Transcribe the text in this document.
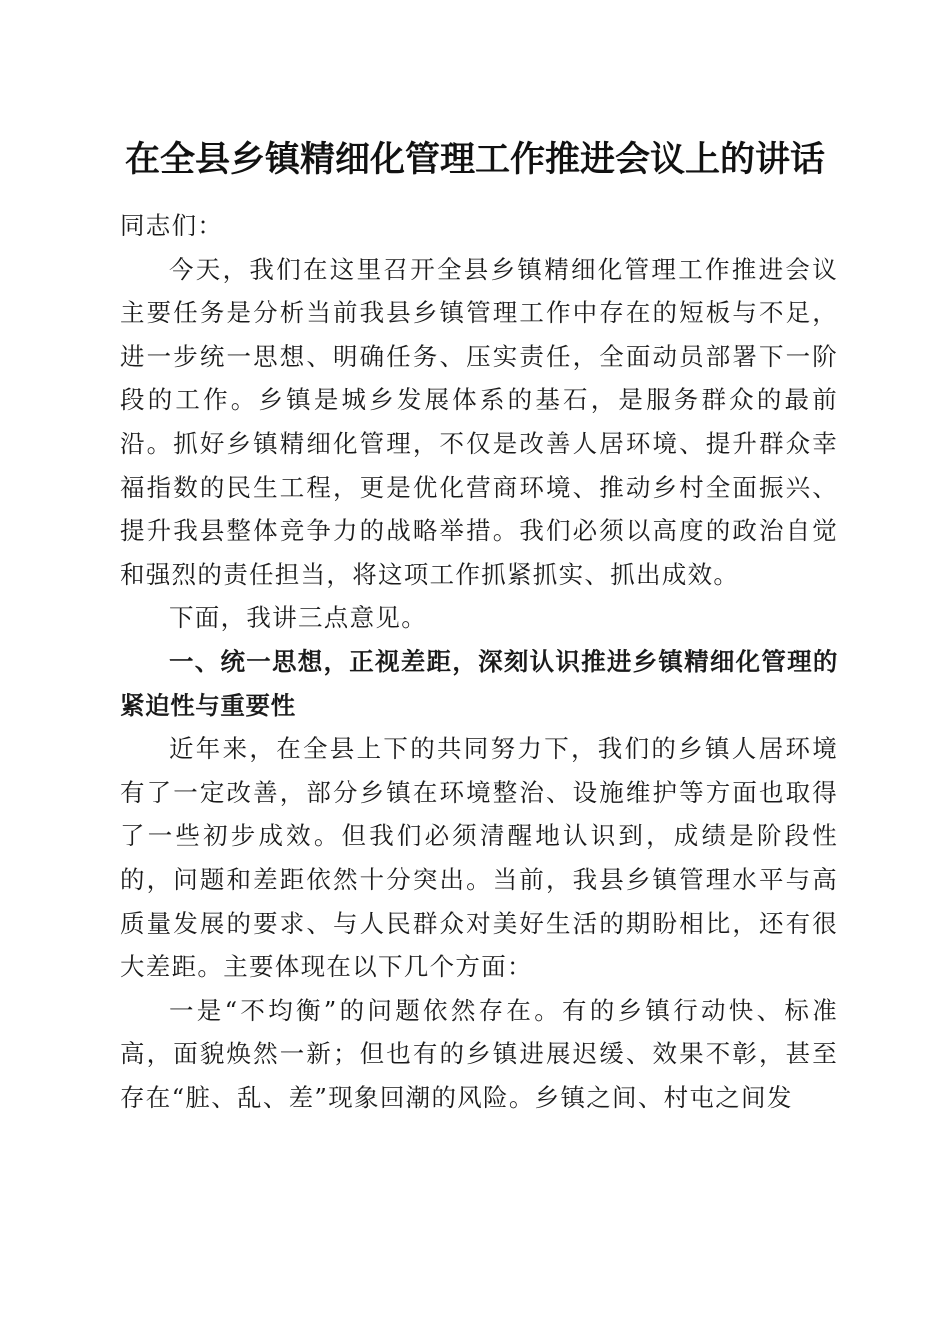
在全县乡镇精细化管理工作推进会议上的讲话

同志们：

今天，我们在这里召开全县乡镇精细化管理工作推进会议主要任务是分析当前我县乡镇管理工作中存在的短板与不足，进一步统一思想、明确任务、压实责任，全面动员部署下一阶段的工作。乡镇是城乡发展体系的基石，是服务群众的最前沿。抓好乡镇精细化管理，不仅是改善人居环境、提升群众幸福指数的民生工程，更是优化营商环境、推动乡村全面振兴、提升我县整体竞争力的战略举措。我们必须以高度的政治自觉和强烈的责任担当，将这项工作抓紧抓实、抓出成效。

下面，我讲三点意见。

一、统一思想，正视差距，深刻认识推进乡镇精细化管理的紧迫性与重要性

近年来，在全县上下的共同努力下，我们的乡镇人居环境有了一定改善，部分乡镇在环境整治、设施维护等方面也取得了一些初步成效。但我们必须清醒地认识到，成绩是阶段性的，问题和差距依然十分突出。当前，我县乡镇管理水平与高质量发展的要求、与人民群众对美好生活的期盼相比，还有很大差距。主要体现在以下几个方面：

一是“不均衡”的问题依然存在。有的乡镇行动快、标准高，面貌焕然一新；但也有的乡镇进展迟缓、效果不彰，甚至存在“脏、乱、差”现象回潮的风险。乡镇之间、村屯之间发
